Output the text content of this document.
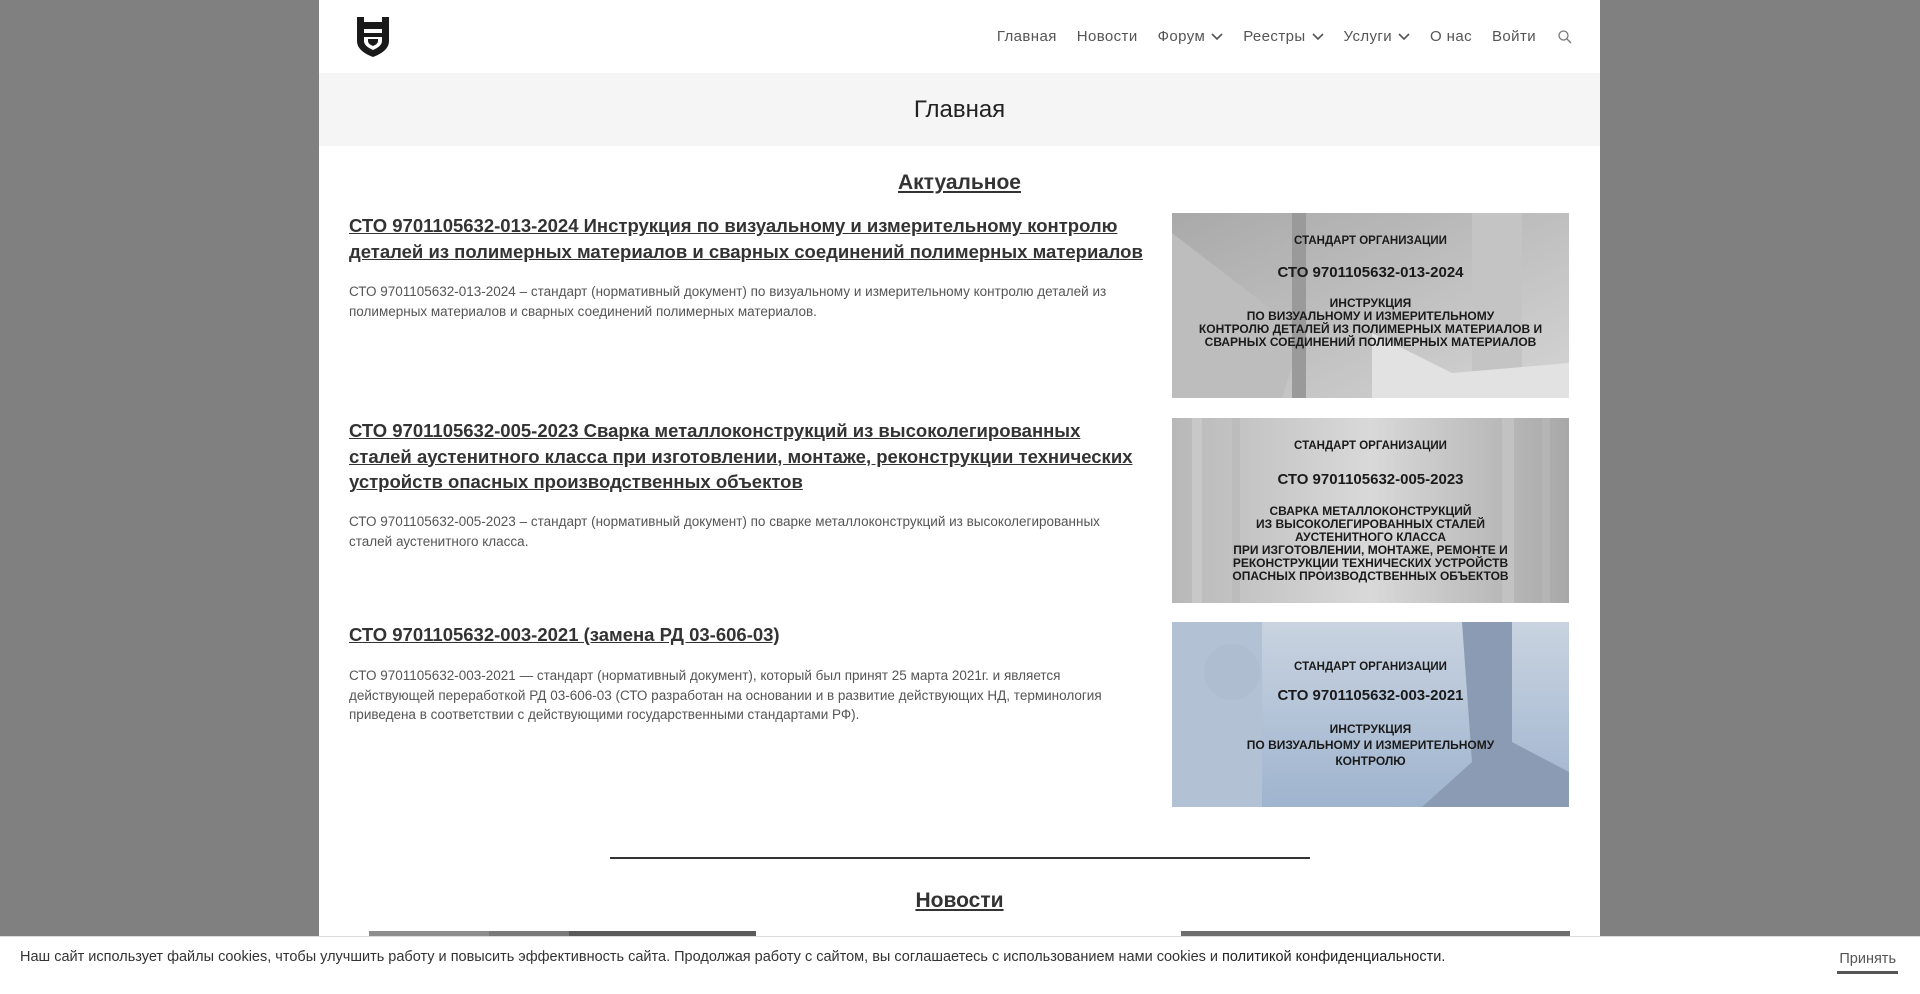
Главная Новости Форум	Реестры	Услуги	О нас Войти
Главная
Актуальное
СТО 9701105632-013-2024 Инструкция по визуальному и измерительному контролю деталей из полимерных материалов и сварных соединений полимерных материалов
СТО 9701105632-013-2024 – стандарт (нормативный документ) по визуальному и измерительному контролю деталей из полимерных материалов и сварных соединений полимерных материалов.
СТАНДАРТ ОРГАНИЗАЦИИ
СТО 9701105632-013-2024
ИНСТРУКЦИЯ
ПО ВИЗУАЛЬНОМУ И ИЗМЕРИТЕЛЬНОМУ
КОНТРОЛЮ ДЕТАЛЕЙ ИЗ ПОЛИМЕРНЫХ МАТЕРИАЛОВ И
СВАРНЫХ СОЕДИНЕНИЙ ПОЛИМЕРНЫХ МАТЕРИАЛОВ
СТО 9701105632-005-2023 Сварка металлоконструкций из высоколегированных сталей аустенитного класса при изготовлении, монтаже, реконструкции технических устройств опасных производственных объектов
СТО 9701105632-005-2023 – стандарт (нормативный документ) по сварке металлоконструкций из высоколегированных сталей аустенитного класса.
СТАНДАРТ ОРГАНИЗАЦИИ
СТО 9701105632-005-2023
СВАРКА МЕТАЛЛОКОНСТРУКЦИЙ
ИЗ ВЫСОКОЛЕГИРОВАННЫХ СТАЛЕЙ
АУСТЕНИТНОГО КЛАССА
ПРИ ИЗГОТОВЛЕНИИ, МОНТАЖЕ, РЕМОНТЕ И
РЕКОНСТРУКЦИИ ТЕХНИЧЕСКИХ УСТРОЙСТВ
ОПАСНЫХ ПРОИЗВОДСТВЕННЫХ ОБЪЕКТОВ
СТО 9701105632-003-2021 (замена РД 03-606-03)
СТО 9701105632-003-2021 — стандарт (нормативный документ), который был принят 25 марта 2021г. и является действующей переработкой РД 03-606-03 (СТО разработан на основании и в развитие действующих НД, терминология приведена в соответствии с действующими государственными стандартами РФ).
СТАНДАРТ ОРГАНИЗАЦИИ
СТО 9701105632-003-2021
ИНСТРУКЦИЯ
ПО ВИЗУАЛЬНОМУ И ИЗМЕРИТЕЛЬНОМУ
КОНТРОЛЮ
Новости
Наш сайт использует файлы cookies, чтобы улучшить работу и повысить эффективность сайта. Продолжая работу с сайтом, вы соглашаетесь с использованием нами cookies и политикой конфиденциальности.	Принять
